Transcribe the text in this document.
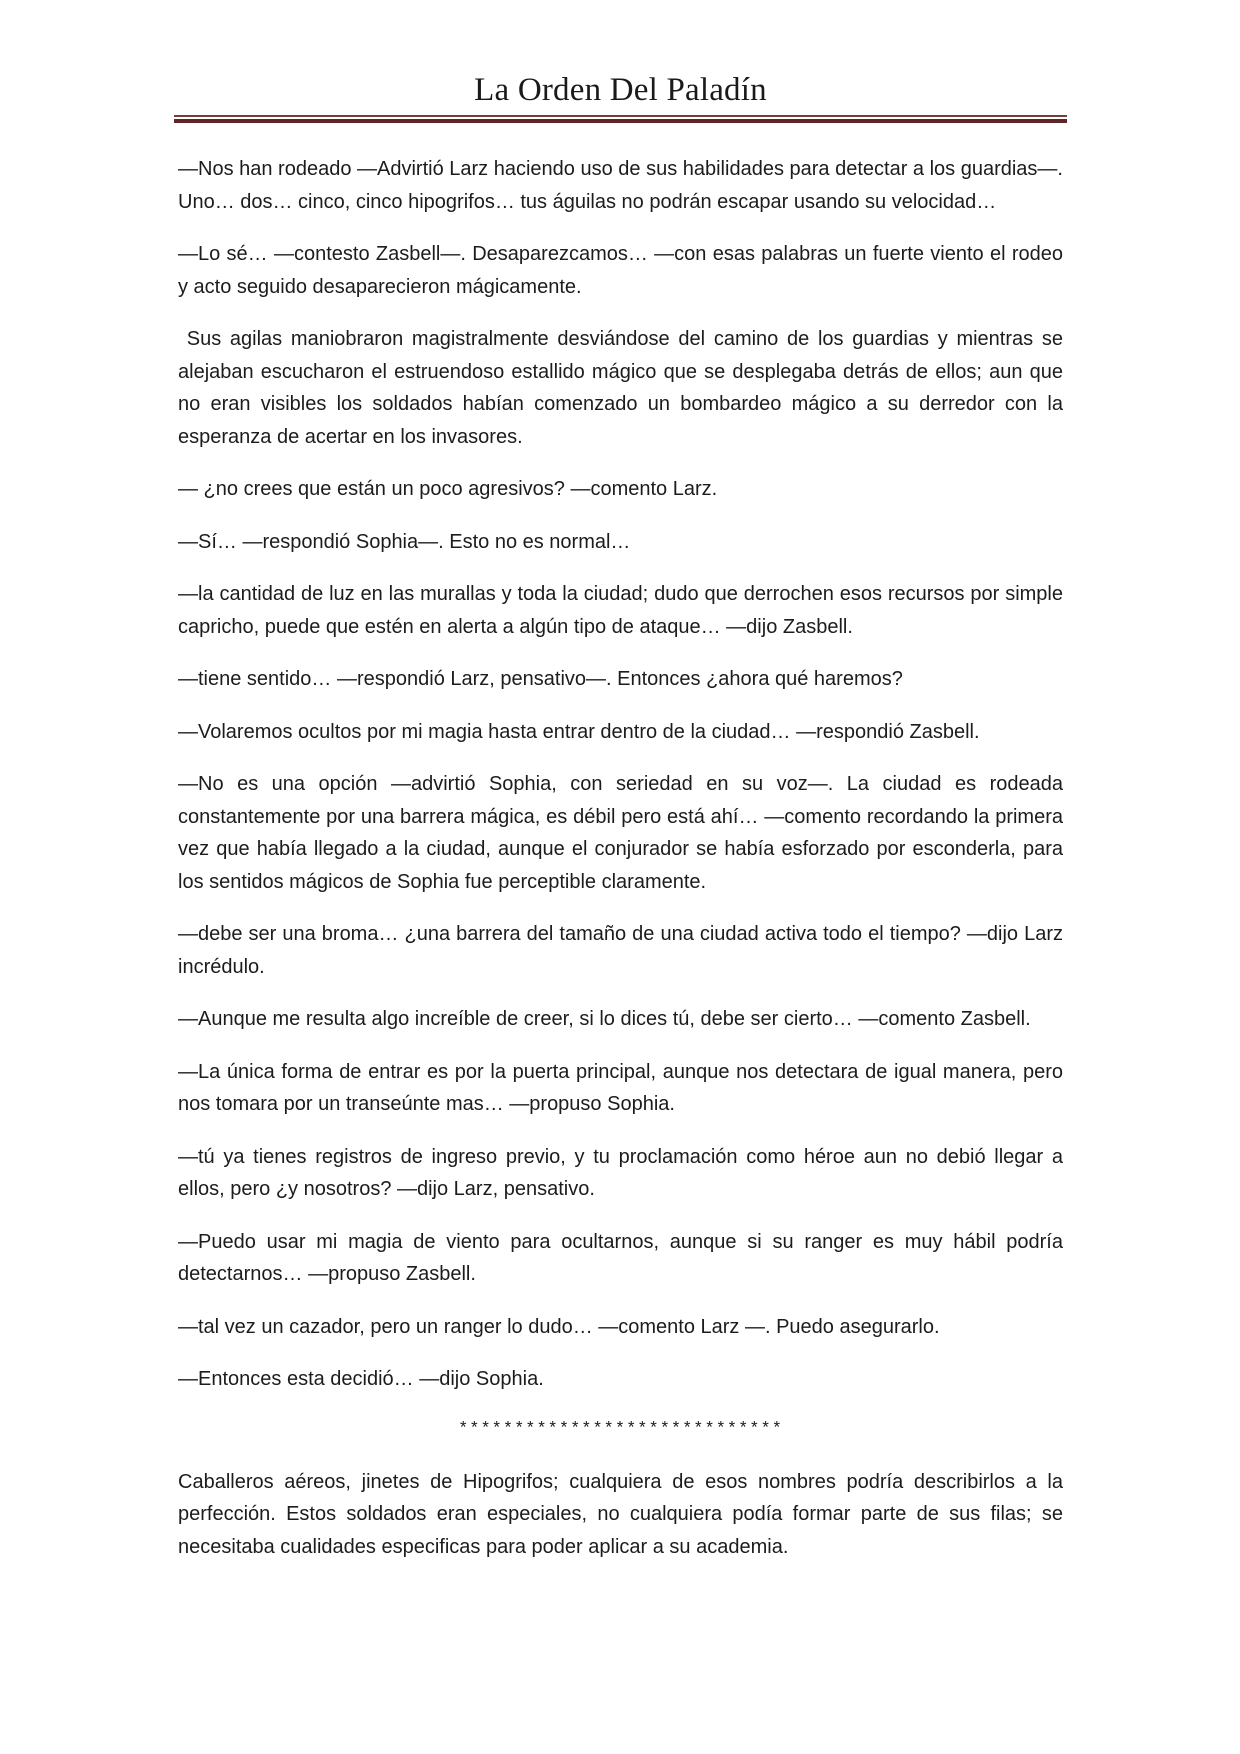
La Orden Del Paladín

—Nos han rodeado —Advirtió Larz haciendo uso de sus habilidades para detectar a los guardias—. Uno… dos… cinco, cinco hipogrifos… tus águilas no podrán escapar usando su velocidad…

—Lo sé… —contesto Zasbell—. Desaparezcamos… —con esas palabras un fuerte viento el rodeo y acto seguido desaparecieron mágicamente.

Sus agilas maniobraron magistralmente desviándose del camino de los guardias y mientras se alejaban escucharon el estruendoso estallido mágico que se desplegaba detrás de ellos; aun que no eran visibles los soldados habían comenzado un bombardeo mágico a su derredor con la esperanza de acertar en los invasores.

— ¿no crees que están un poco agresivos? —comento Larz.

—Sí… —respondió Sophia—. Esto no es normal…

—la cantidad de luz en las murallas y toda la ciudad; dudo que derrochen esos recursos por simple capricho, puede que estén en alerta a algún tipo de ataque… —dijo Zasbell.

—tiene sentido… —respondió Larz, pensativo—. Entonces ¿ahora qué haremos?

—Volaremos ocultos por mi magia hasta entrar dentro de la ciudad… —respondió Zasbell.

—No es una opción —advirtió Sophia, con seriedad en su voz—. La ciudad es rodeada constantemente por una barrera mágica, es débil pero está ahí… —comento recordando la primera vez que había llegado a la ciudad, aunque el conjurador se había esforzado por esconderla, para los sentidos mágicos de Sophia fue perceptible claramente.

—debe ser una broma… ¿una barrera del tamaño de una ciudad activa todo el tiempo? —dijo Larz incrédulo.

—Aunque me resulta algo increíble de creer, si lo dices tú, debe ser cierto… —comento Zasbell.

—La única forma de entrar es por la puerta principal, aunque nos detectara de igual manera, pero nos tomara por un transeúnte mas… —propuso Sophia.

—tú ya tienes registros de ingreso previo, y tu proclamación como héroe aun no debió llegar a ellos, pero ¿y nosotros? —dijo Larz, pensativo.

—Puedo usar mi magia de viento para ocultarnos, aunque si su ranger es muy hábil podría detectarnos… —propuso Zasbell.

—tal vez un cazador, pero un ranger lo dudo… —comento Larz —. Puedo asegurarlo.

—Entonces esta decidió… —dijo Sophia.

*****************************

Caballeros aéreos, jinetes de Hipogrifos; cualquiera de esos nombres podría describirlos a la perfección. Estos soldados eran especiales, no cualquiera podía formar parte de sus filas; se necesitaba cualidades especificas para poder aplicar a su academia.
